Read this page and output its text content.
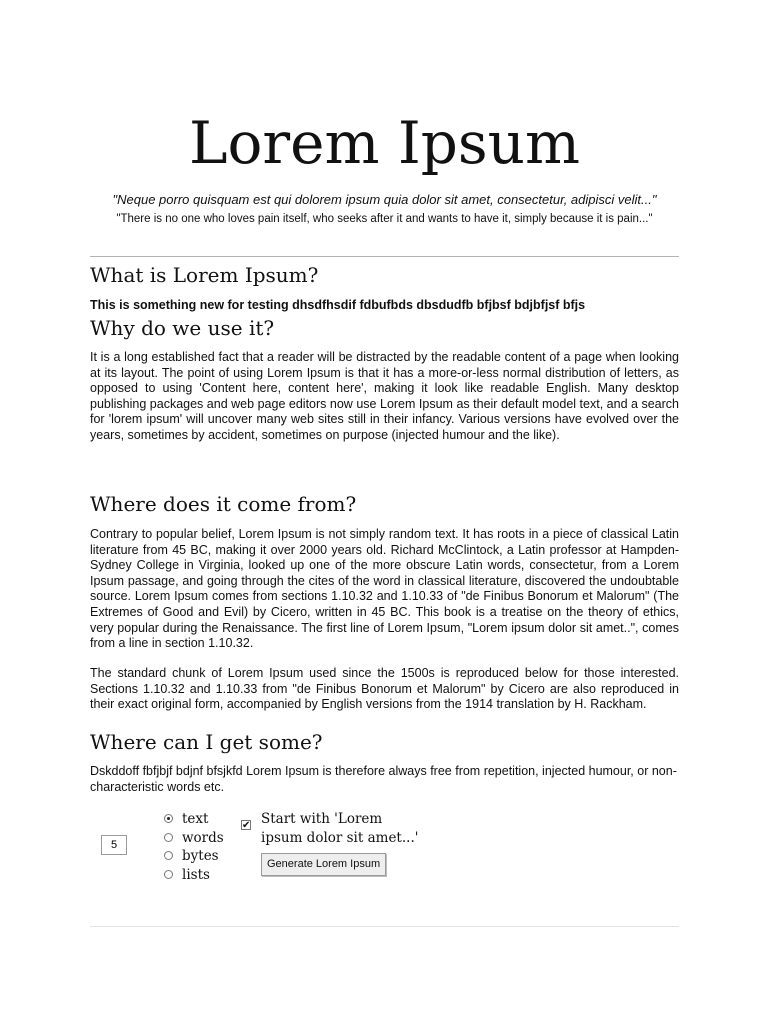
Lorem Ipsum

"Neque porro quisquam est qui dolorem ipsum quia dolor sit amet, consectetur, adipisci velit..."

"There is no one who loves pain itself, who seeks after it and wants to have it, simply because it is pain..."

What is Lorem Ipsum?

This is something new for testing dhsdfhsdif fdbufbds dbsdudfb bfjbsf bdjbfjsf bfjs

Why do we use it?

It is a long established fact that a reader will be distracted by the readable content of a page when looking at its layout. The point of using Lorem Ipsum is that it has a more-or-less normal distribution of letters, as opposed to using 'Content here, content here', making it look like readable English. Many desktop publishing packages and web page editors now use Lorem Ipsum as their default model text, and a search for 'lorem ipsum' will uncover many web sites still in their infancy. Various versions have evolved over the years, sometimes by accident, sometimes on purpose (injected humour and the like).

Where does it come from?

Contrary to popular belief, Lorem Ipsum is not simply random text. It has roots in a piece of classical Latin literature from 45 BC, making it over 2000 years old. Richard McClintock, a Latin professor at Hampden-Sydney College in Virginia, looked up one of the more obscure Latin words, consectetur, from a Lorem Ipsum passage, and going through the cites of the word in classical literature, discovered the undoubtable source. Lorem Ipsum comes from sections 1.10.32 and 1.10.33 of "de Finibus Bonorum et Malorum" (The Extremes of Good and Evil) by Cicero, written in 45 BC. This book is a treatise on the theory of ethics, very popular during the Renaissance. The first line of Lorem Ipsum, "Lorem ipsum dolor sit amet..", comes from a line in section 1.10.32.

The standard chunk of Lorem Ipsum used since the 1500s is reproduced below for those interested. Sections 1.10.32 and 1.10.33 from "de Finibus Bonorum et Malorum" by Cicero are also reproduced in their exact original form, accompanied by English versions from the 1914 translation by H. Rackham.

Where can I get some?

Dskddoff fbfjbjf bdjnf bfsjkfd Lorem Ipsum is therefore always free from repetition, injected humour, or non-characteristic words etc.

5
text
words
bytes
lists
✔ Start with 'Lorem ipsum dolor sit amet...'
Generate Lorem Ipsum
